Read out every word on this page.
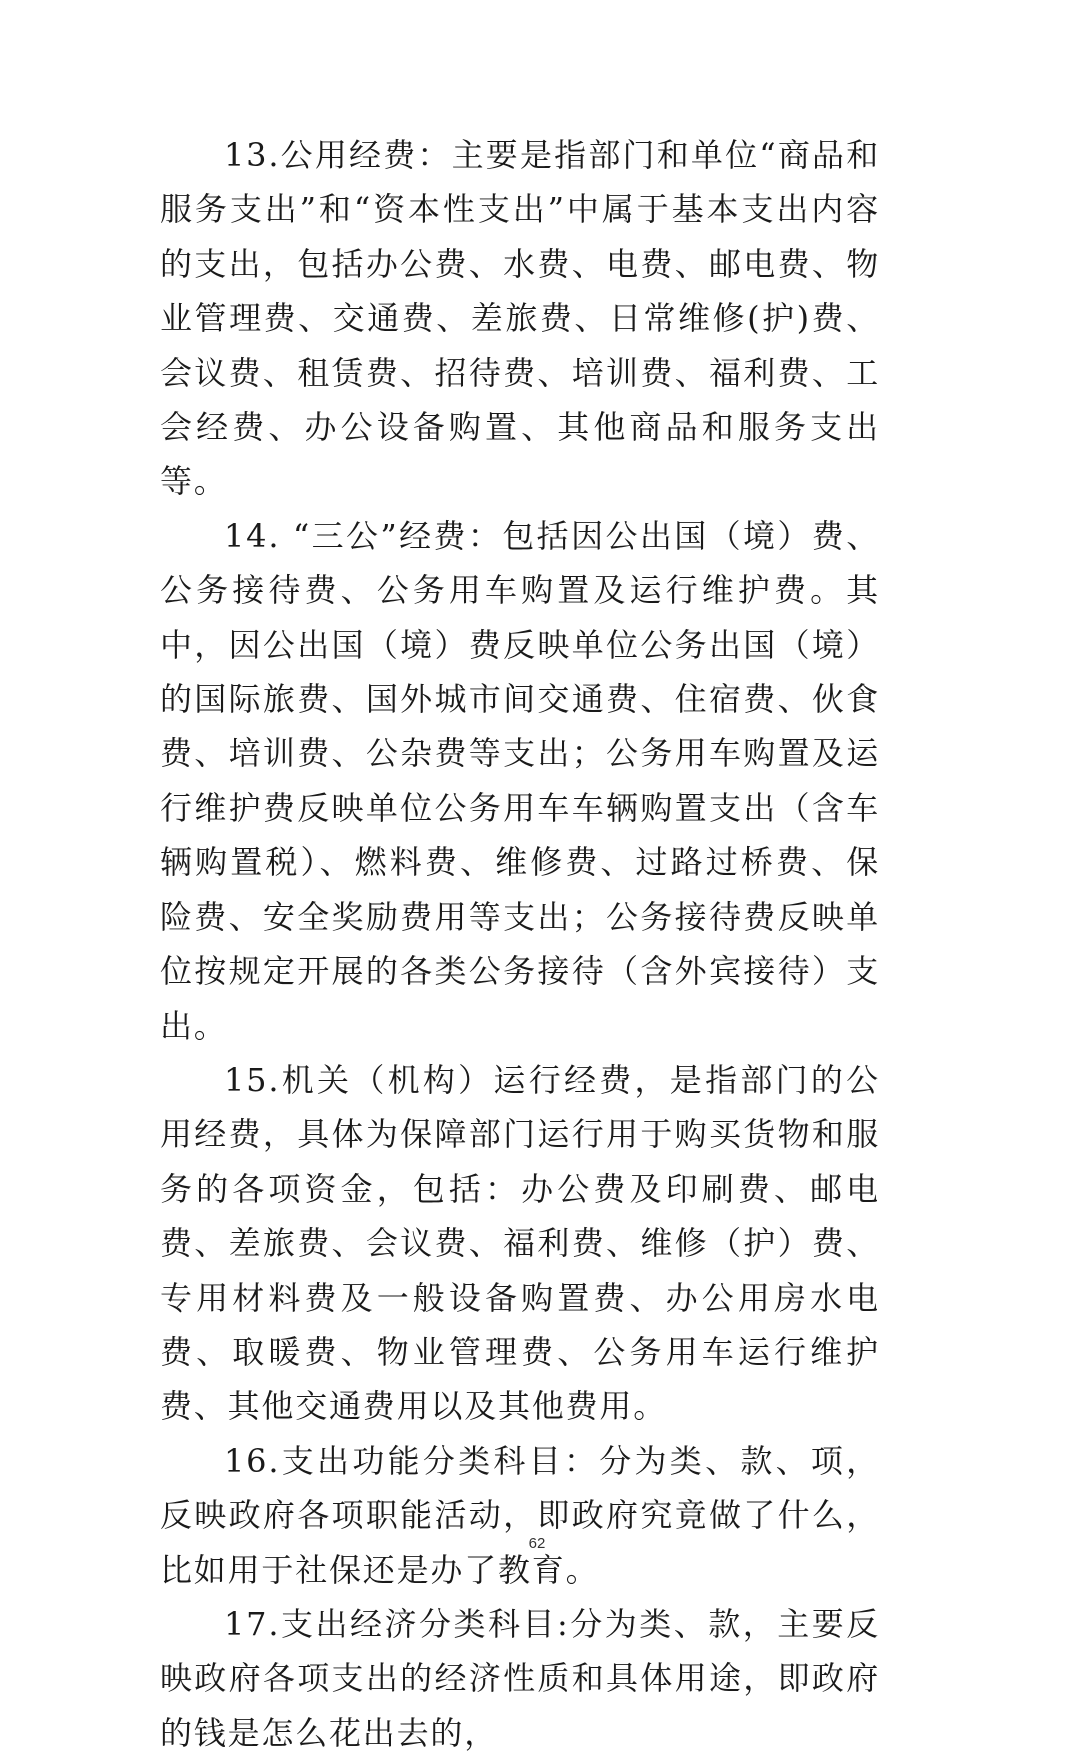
13.公用经费：主要是指部门和单位“商品和服务支出”和“资本性支出”中属于基本支出内容的支出，包括办公费、水费、电费、邮电费、物业管理费、交通费、差旅费、日常维修(护)费、会议费、租赁费、招待费、培训费、福利费、工会经费、办公设备购置、其他商品和服务支出等。

14. “三公”经费：包括因公出国（境）费、公务接待费、公务用车购置及运行维护费。其中，因公出国（境）费反映单位公务出国（境）的国际旅费、国外城市间交通费、住宿费、伙食费、培训费、公杂费等支出；公务用车购置及运行维护费反映单位公务用车车辆购置支出（含车辆购置税）、燃料费、维修费、过路过桥费、保险费、安全奖励费用等支出；公务接待费反映单位按规定开展的各类公务接待（含外宾接待）支出。

15.机关（机构）运行经费，是指部门的公用经费，具体为保障部门运行用于购买货物和服务的各项资金，包括：办公费及印刷费、邮电费、差旅费、会议费、福利费、维修（护）费、专用材料费及一般设备购置费、办公用房水电费、取暖费、物业管理费、公务用车运行维护费、其他交通费用以及其他费用。

16.支出功能分类科目：分为类、款、项，反映政府各项职能活动，即政府究竟做了什么，比如用于社保还是办了教育。

17.支出经济分类科目:分为类、款，主要反映政府各项支出的经济性质和具体用途，即政府的钱是怎么花出去的，

62
